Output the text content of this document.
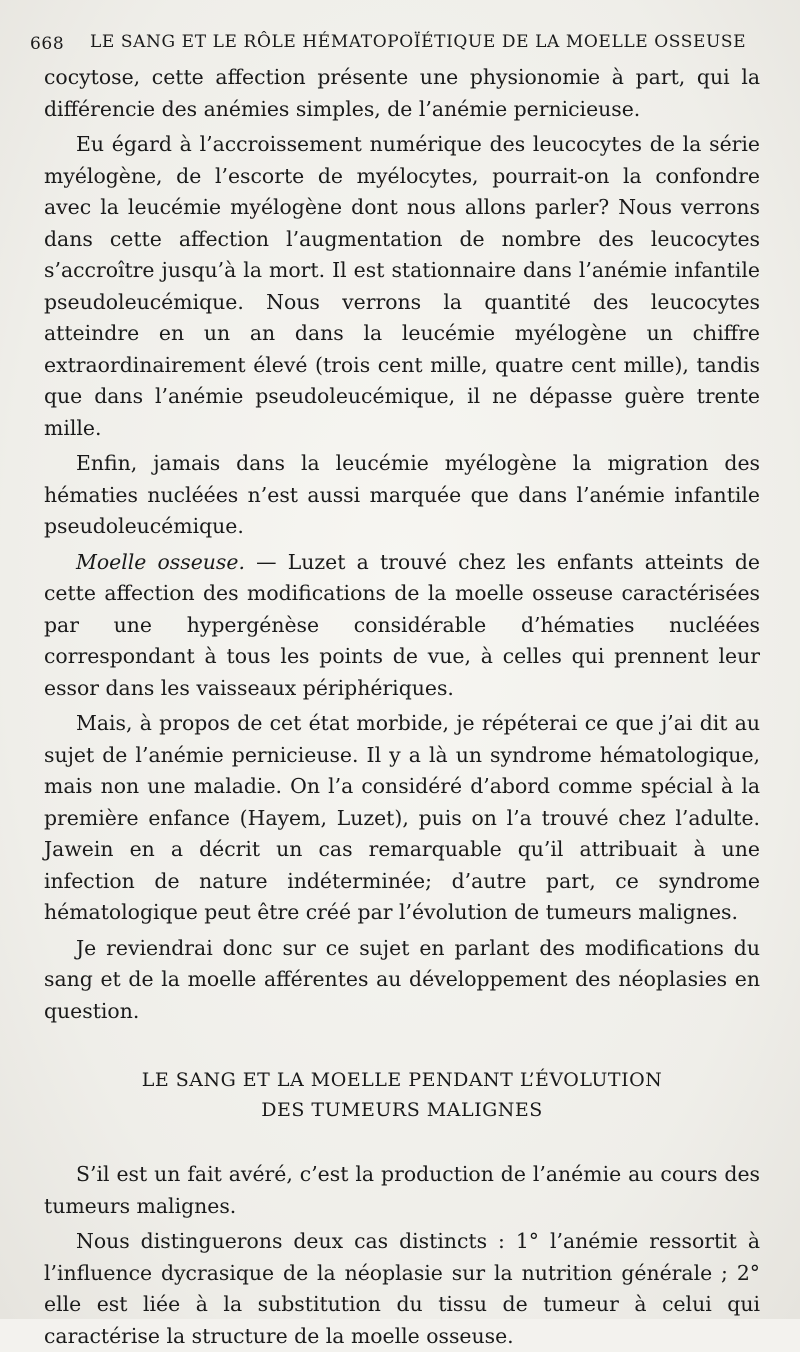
668 LE SANG ET LE RÔLE HÉMATOPOÏÉTIQUE DE LA MOELLE OSSEUSE

cocytose, cette affection présente une physionomie à part, qui la différencie des anémies simples, de l’anémie pernicieuse.

Eu égard à l’accroissement numérique des leucocytes de la série myélogène, de l’escorte de myélocytes, pourrait-on la confondre avec la leucémie myélogène dont nous allons parler? Nous verrons dans cette affection l’augmentation de nombre des leucocytes s’accroître jusqu’à la mort. Il est stationnaire dans l’anémie infantile pseudoleucémique. Nous verrons la quantité des leucocytes atteindre en un an dans la leucémie myélogène un chiffre extraordinairement élevé (trois cent mille, quatre cent mille), tandis que dans l’anémie pseudoleucémique, il ne dépasse guère trente mille.

Enfin, jamais dans la leucémie myélogène la migration des hématies nucléées n’est aussi marquée que dans l’anémie infantile pseudoleucémique.

Moelle osseuse. — Luzet a trouvé chez les enfants atteints de cette affection des modifications de la moelle osseuse caractérisées par une hypergénèse considérable d’hématies nucléées correspondant à tous les points de vue, à celles qui prennent leur essor dans les vaisseaux périphériques.

Mais, à propos de cet état morbide, je répéterai ce que j’ai dit au sujet de l’anémie pernicieuse. Il y a là un syndrome hématologique, mais non une maladie. On l’a considéré d’abord comme spécial à la première enfance (Hayem, Luzet), puis on l’a trouvé chez l’adulte. Jawein en a décrit un cas remarquable qu’il attribuait à une infection de nature indéterminée; d’autre part, ce syndrome hématologique peut être créé par l’évolution de tumeurs malignes.

Je reviendrai donc sur ce sujet en parlant des modifications du sang et de la moelle afférentes au développement des néoplasies en question.

LE SANG ET LA MOELLE PENDANT L’ÉVOLUTION
DES TUMEURS MALIGNES

S’il est un fait avéré, c’est la production de l’anémie au cours des tumeurs malignes.

Nous distinguerons deux cas distincts : 1° l’anémie ressortit à l’influence dycrasique de la néoplasie sur la nutrition générale ; 2° elle est liée à la substitution du tissu de tumeur à celui qui caractérise la structure de la moelle osseuse.
